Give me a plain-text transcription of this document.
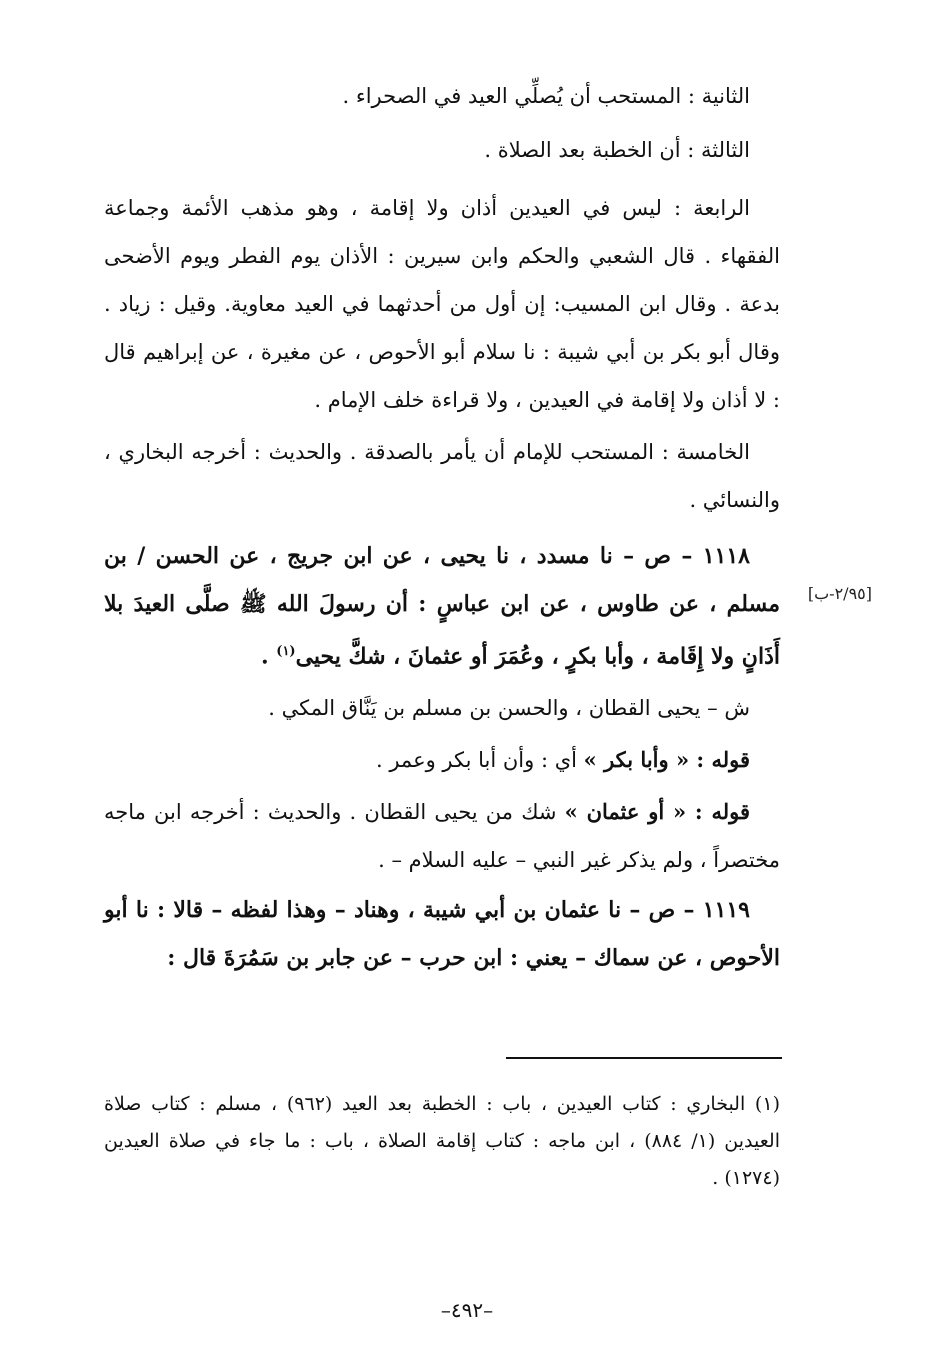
الثانية : المستحب أن يُصلِّي العيد في الصحراء .

الثالثة : أن الخطبة بعد الصلاة .

الرابعة : ليس في العيدين أذان ولا إقامة ، وهو مذهب الأئمة وجماعة الفقهاء . قال الشعبي والحكم وابن سيرين : الأذان يوم الفطر ويوم الأضحى بدعة . وقال ابن المسيب: إن أول من أحدثهما في العيد معاوية. وقيل : زياد . وقال أبو بكر بن أبي شيبة : نا سلام أبو الأحوص ، عن مغيرة ، عن إبراهيم قال : لا أذان ولا إقامة في العيدين ، ولا قراءة خلف الإمام .

الخامسة : المستحب للإمام أن يأمر بالصدقة . والحديث : أخرجه البخاري ، والنسائي .

١١١٨ – ص – نا مسدد ، نا يحيى ، عن ابن جريج ، عن الحسن / بن مسلم ، عن طاوس ، عن ابن عباسٍ : أن رسولَ الله ﷺ صلَّى العيدَ بلا أَذَانٍ ولا إِقَامة ، وأبا بكرٍ ، وعُمَرَ أو عثمانَ ، شكَّ يحيى$^{(١)}$ .

ش – يحيى القطان ، والحسن بن مسلم بن يَنَّاق المكي .

قوله : « وأبا بكر » أي : وأن أبا بكر وعمر .

قوله : « أو عثمان » شك من يحيى القطان . والحديث : أخرجه ابن ماجه مختصراً ، ولم يذكر غير النبي – عليه السلام – .

١١١٩ – ص – نا عثمان بن أبي شيبة ، وهناد – وهذا لفظه – قالا : نا أبو الأحوص ، عن سماك – يعني : ابن حرب – عن جابر بن سَمُرَةَ قال :

[٢/٩٥-ب]

(١) البخاري : كتاب العيدين ، باب : الخطبة بعد العيد (٩٦٢) ، مسلم : كتاب صلاة العيدين (١/ ٨٨٤) ، ابن ماجه : كتاب إقامة الصلاة ، باب : ما جاء في صلاة العيدين (١٢٧٤) .

–٤٩٢–
